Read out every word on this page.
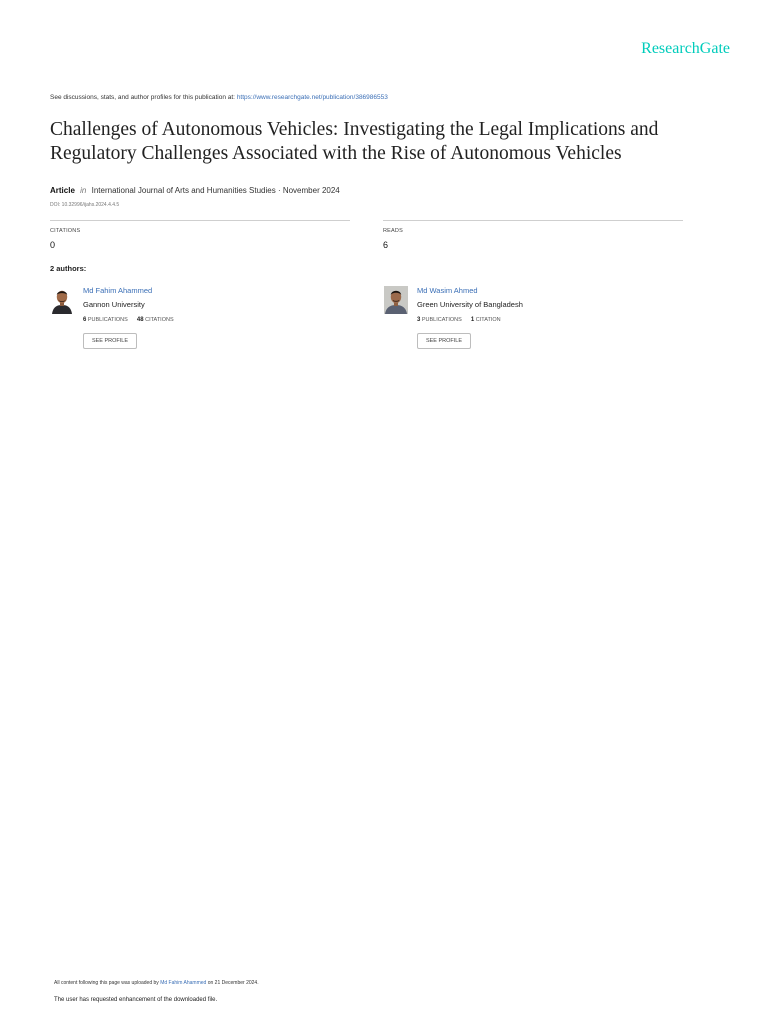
ResearchGate
See discussions, stats, and author profiles for this publication at: https://www.researchgate.net/publication/386986553
Challenges of Autonomous Vehicles: Investigating the Legal Implications and Regulatory Challenges Associated with the Rise of Autonomous Vehicles
Article in International Journal of Arts and Humanities Studies · November 2024
DOI: 10.32996/ijahs.2024.4.4.5
CITATIONS
0
READS
6
2 authors:
Md Fahim Ahammed
Gannon University
6 PUBLICATIONS 48 CITATIONS
SEE PROFILE
Md Wasim Ahmed
Green University of Bangladesh
3 PUBLICATIONS 1 CITATION
SEE PROFILE
All content following this page was uploaded by Md Fahim Ahammed on 21 December 2024.
The user has requested enhancement of the downloaded file.
